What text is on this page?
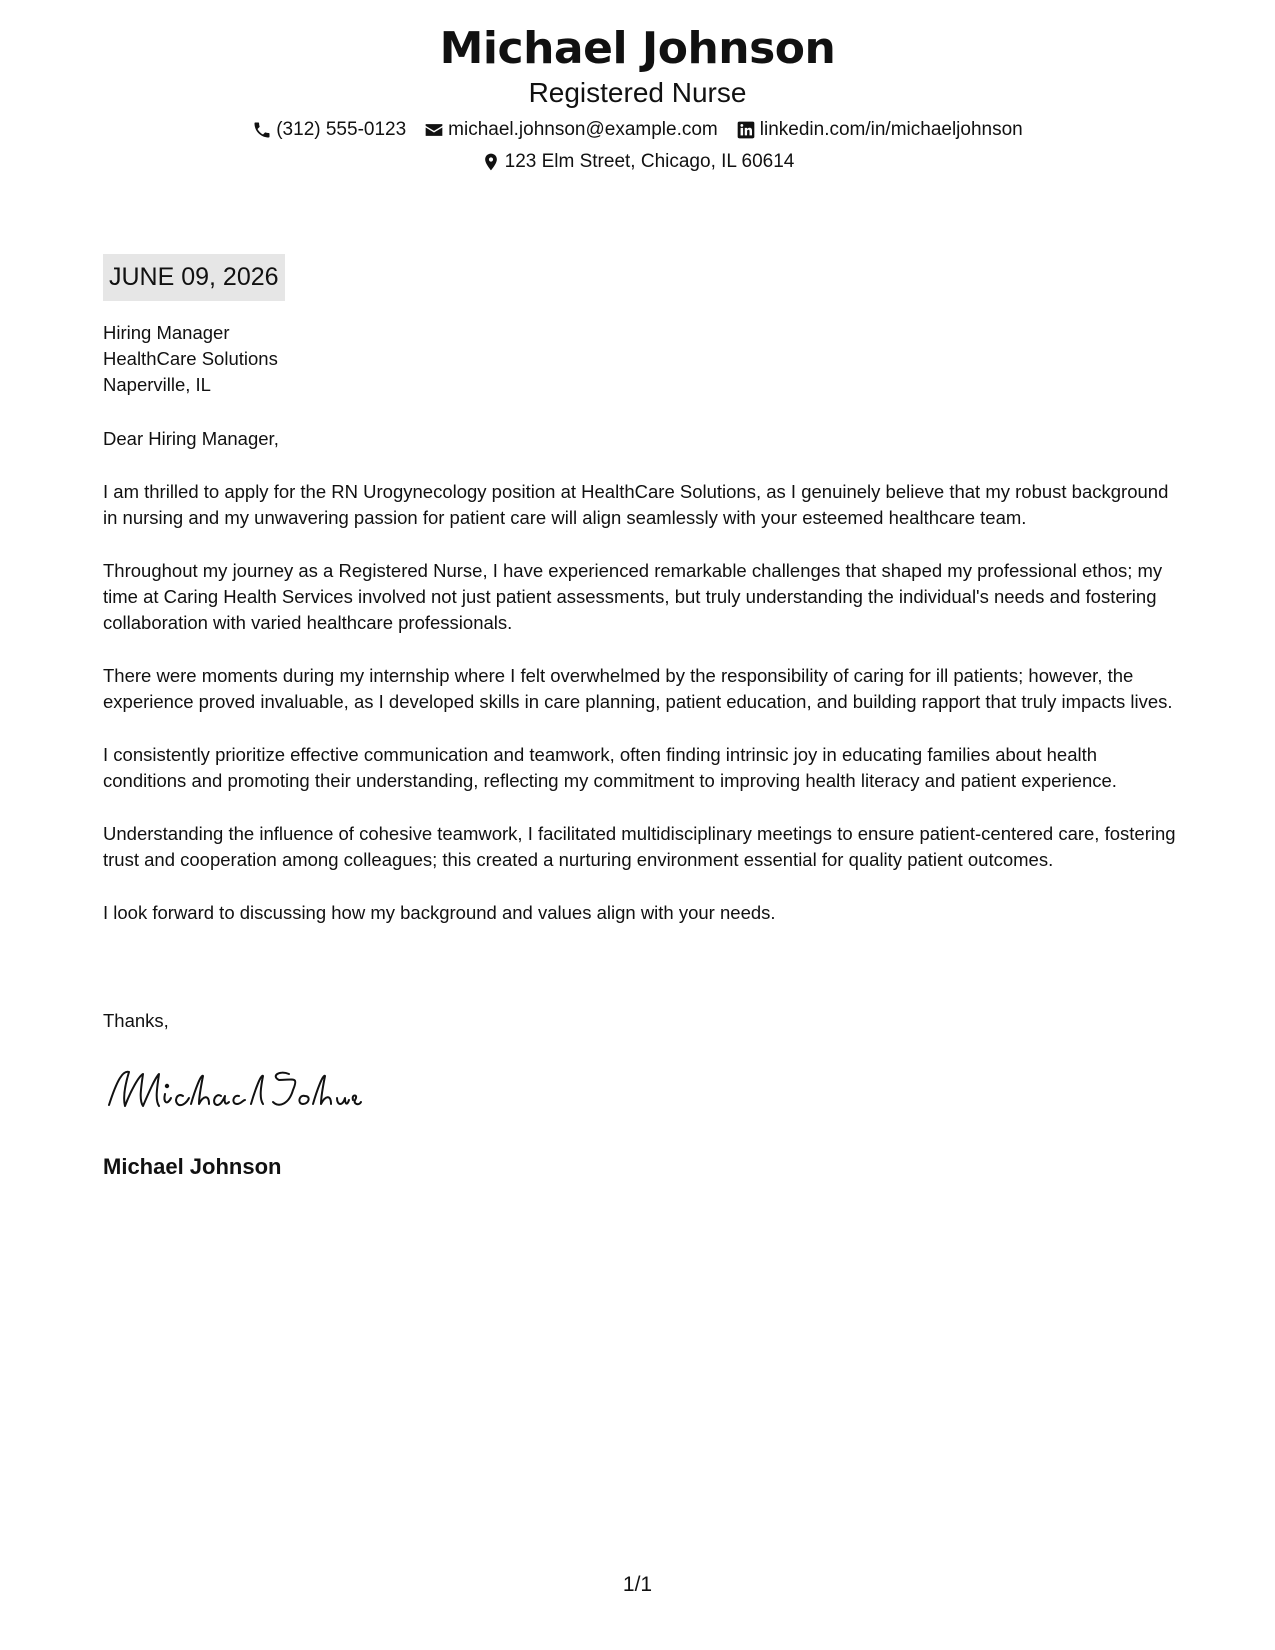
Michael Johnson
Registered Nurse
(312) 555-0123 michael.johnson@example.com linkedin.com/in/michaeljohnson
123 Elm Street, Chicago, IL 60614
JUNE 09, 2026
Hiring Manager
HealthCare Solutions
Naperville, IL

Dear Hiring Manager,

I am thrilled to apply for the RN Urogynecology position at HealthCare Solutions, as I genuinely believe that my robust background in nursing and my unwavering passion for patient care will align seamlessly with your esteemed healthcare team.

Throughout my journey as a Registered Nurse, I have experienced remarkable challenges that shaped my professional ethos; my time at Caring Health Services involved not just patient assessments, but truly understanding the individual's needs and fostering collaboration with varied healthcare professionals.

There were moments during my internship where I felt overwhelmed by the responsibility of caring for ill patients; however, the experience proved invaluable, as I developed skills in care planning, patient education, and building rapport that truly impacts lives.

I consistently prioritize effective communication and teamwork, often finding intrinsic joy in educating families about health conditions and promoting their understanding, reflecting my commitment to improving health literacy and patient experience.

Understanding the influence of cohesive teamwork, I facilitated multidisciplinary meetings to ensure patient-centered care, fostering trust and cooperation among colleagues; this created a nurturing environment essential for quality patient outcomes.

I look forward to discussing how my background and values align with your needs.

Thanks,
Michael Johnson
1/1
